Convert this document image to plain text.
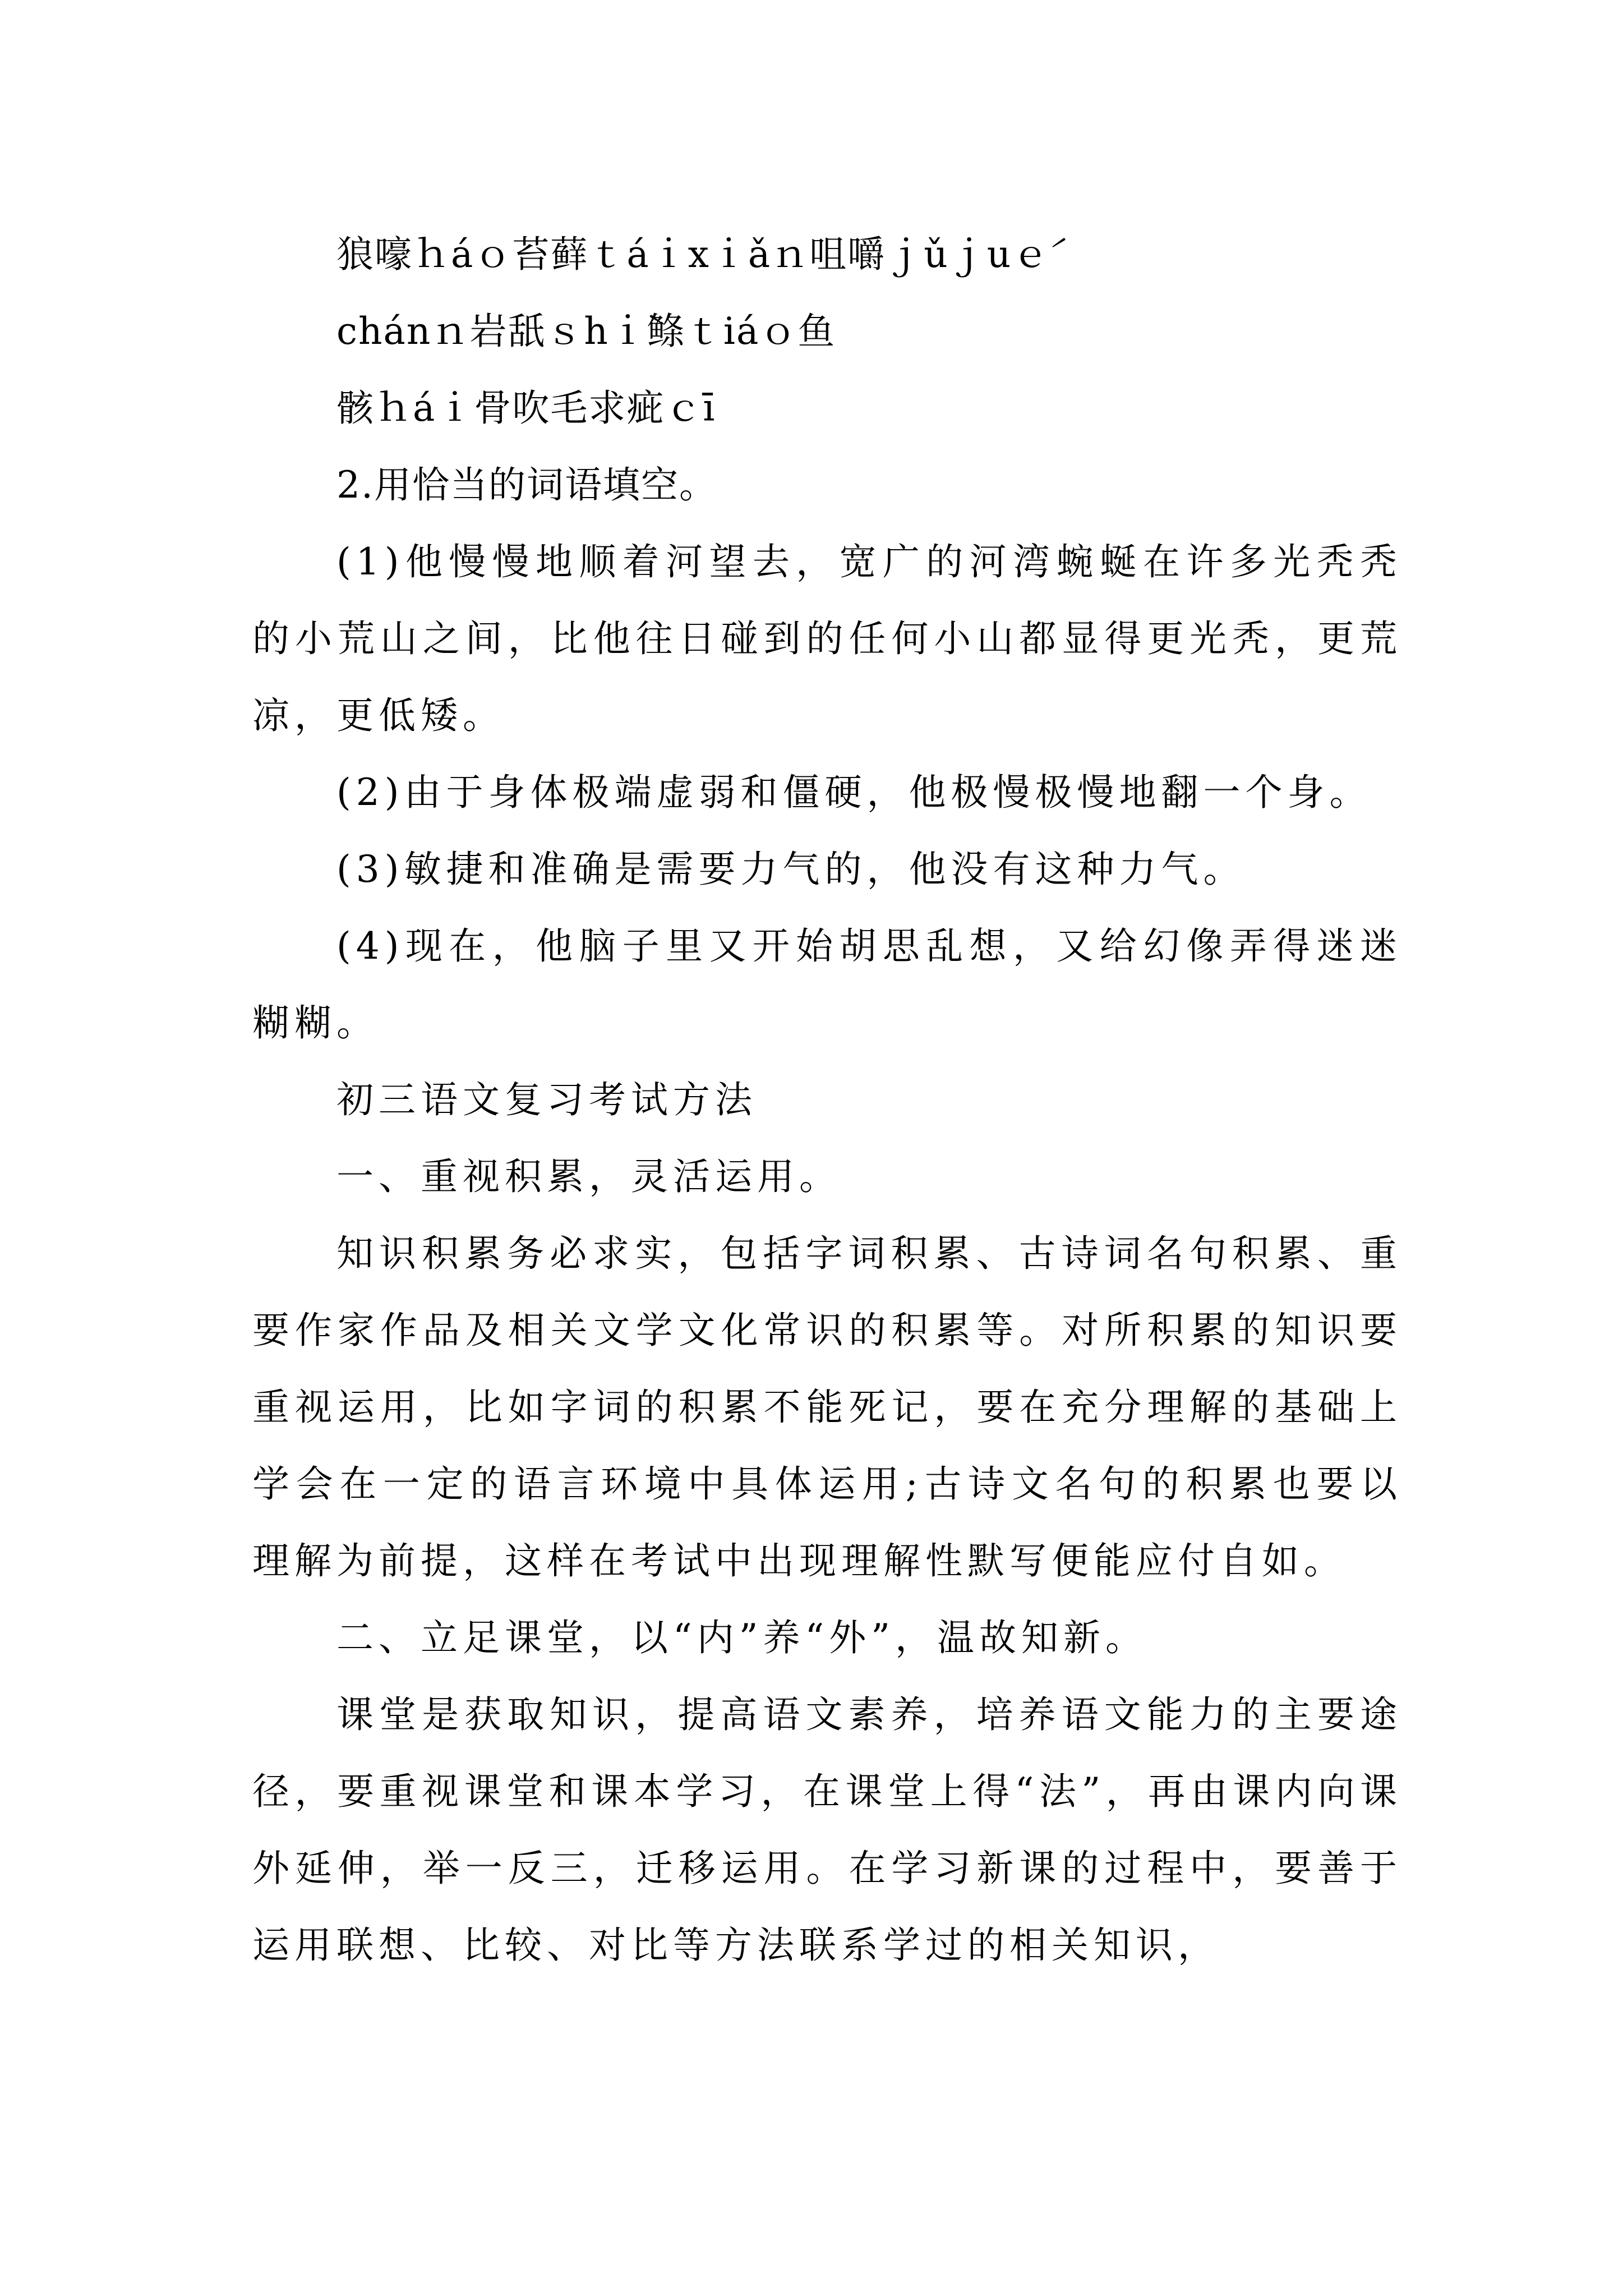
狼嚎ｈáｏ苔藓ｔáｉxｉǎｎ咀嚼ｊǔｊuｅ́
chánｎ岩舐ｓhｉ̀鲦ｔiáｏ鱼
骸ｈáｉ骨吹毛求疵ｃī
2.用恰当的词语填空。

(1)他慢慢地顺着河望去，宽广的河湾蜿蜒在许多光秃秃的小荒山之间，比他往日碰到的任何小山都显得更光秃，更荒凉，更低矮。

(2)由于身体极端虚弱和僵硬，他极慢极慢地翻一个身。

(3)敏捷和准确是需要力气的，他没有这种力气。

(4)现在，他脑子里又开始胡思乱想，又给幻像弄得迷迷糊糊。

初三语文复习考试方法

一、重视积累，灵活运用。

知识积累务必求实，包括字词积累、古诗词名句积累、重要作家作品及相关文学文化常识的积累等。对所积累的知识要重视运用，比如字词的积累不能死记，要在充分理解的基础上学会在一定的语言环境中具体运用;古诗文名句的积累也要以理解为前提，这样在考试中出现理解性默写便能应付自如。

二、立足课堂，以“内”养“外”，温故知新。

课堂是获取知识，提高语文素养，培养语文能力的主要途径，要重视课堂和课本学习，在课堂上得“法”，再由课内向课外延伸，举一反三，迁移运用。在学习新课的过程中，要善于运用联想、比较、对比等方法联系学过的相关知识，
